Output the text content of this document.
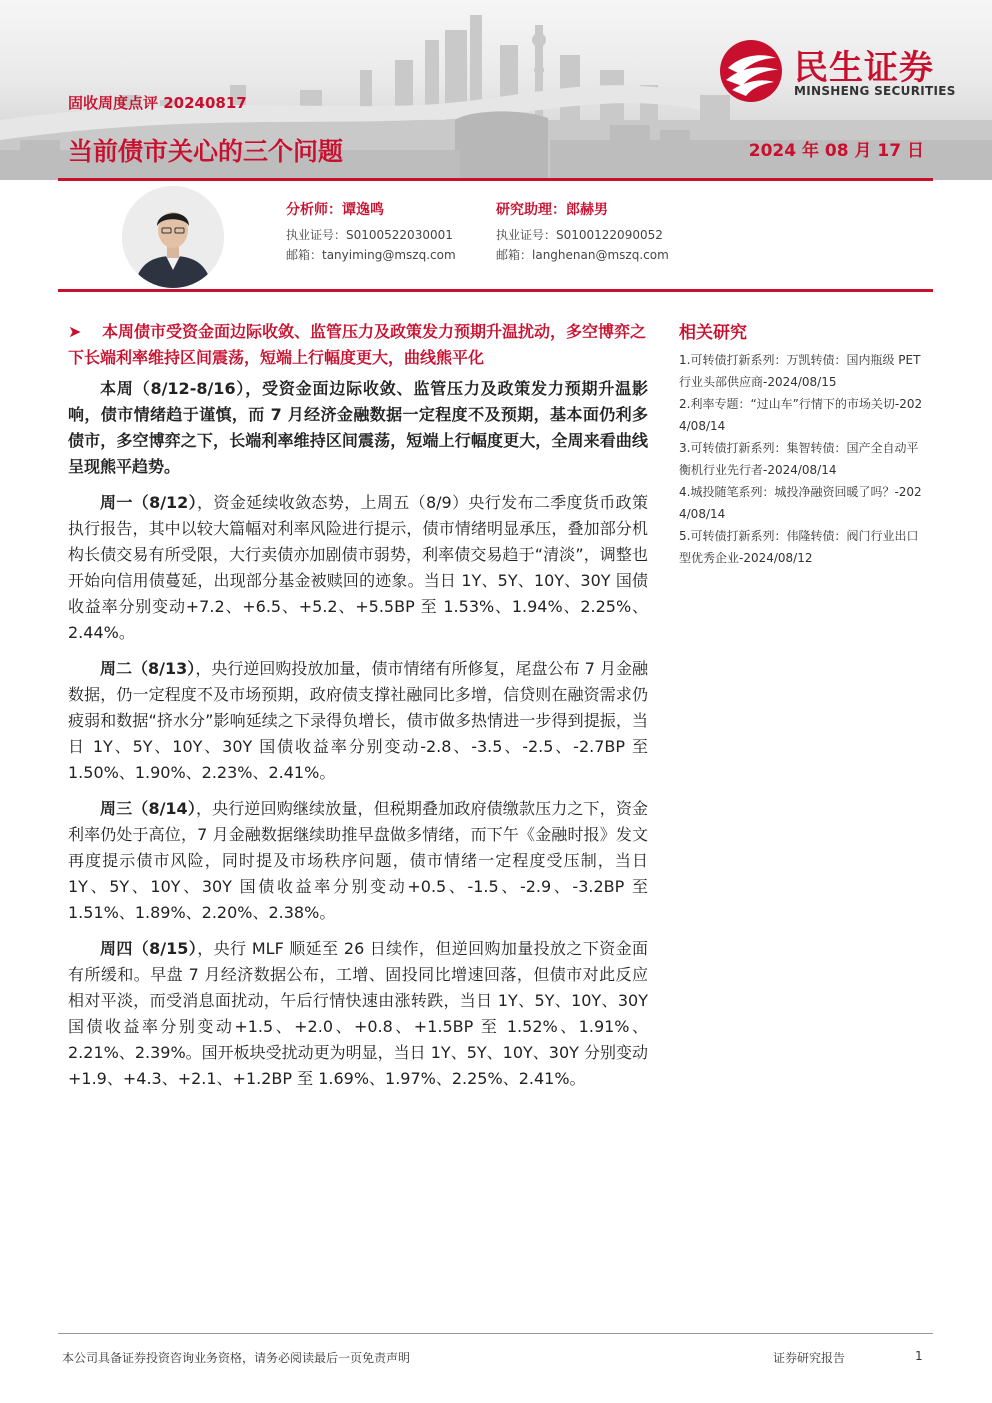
固收周度点评 20240817
当前债市关心的三个问题	2024 年 08 月 17 日
民生证券
MINSHENG SECURITIES
分析师：谭逸鸣
执业证号：S0100522030001
邮箱：tanyiming@mszq.com
研究助理：郎赫男
执业证号：S0100122090052
邮箱：langhenan@mszq.com

➤ 本周债市受资金面边际收敛、监管压力及政策发力预期升温扰动，多空博弈之下长端利率维持区间震荡，短端上行幅度更大，曲线熊平化

本周（8/12-8/16），受资金面边际收敛、监管压力及政策发力预期升温影响，债市情绪趋于谨慎，而 7 月经济金融数据一定程度不及预期，基本面仍利多债市，多空博弈之下，长端利率维持区间震荡，短端上行幅度更大，全周来看曲线呈现熊平趋势。

周一（8/12），资金延续收敛态势，上周五（8/9）央行发布二季度货币政策执行报告，其中以较大篇幅对利率风险进行提示，债市情绪明显承压，叠加部分机构长债交易有所受限，大行卖债亦加剧债市弱势，利率债交易趋于“清淡”，调整也开始向信用债蔓延，出现部分基金被赎回的迹象。当日 1Y、5Y、10Y、30Y 国债收益率分别变动+7.2、+6.5、+5.2、+5.5BP 至 1.53%、1.94%、2.25%、2.44%。

周二（8/13），央行逆回购投放加量，债市情绪有所修复，尾盘公布 7 月金融数据，仍一定程度不及市场预期，政府债支撑社融同比多增，信贷则在融资需求仍疲弱和数据“挤水分”影响延续之下录得负增长，债市做多热情进一步得到提振，当日 1Y、5Y、10Y、30Y 国债收益率分别变动-2.8、-3.5、-2.5、-2.7BP 至 1.50%、1.90%、2.23%、2.41%。

周三（8/14），央行逆回购继续放量，但税期叠加政府债缴款压力之下，资金利率仍处于高位，7 月金融数据继续助推早盘做多情绪，而下午《金融时报》发文再度提示债市风险，同时提及市场秩序问题，债市情绪一定程度受压制，当日 1Y、5Y、10Y、30Y 国债收益率分别变动+0.5、-1.5、-2.9、-3.2BP 至 1.51%、1.89%、2.20%、2.38%。

周四（8/15），央行 MLF 顺延至 26 日续作，但逆回购加量投放之下资金面有所缓和。早盘 7 月经济数据公布，工增、固投同比增速回落，但债市对此反应相对平淡，而受消息面扰动，午后行情快速由涨转跌，当日 1Y、5Y、10Y、30Y 国债收益率分别变动+1.5、+2.0、+0.8、+1.5BP 至 1.52%、1.91%、2.21%、2.39%。国开板块受扰动更为明显，当日 1Y、5Y、10Y、30Y 分别变动+1.9、+4.3、+2.1、+1.2BP 至 1.69%、1.97%、2.25%、2.41%。

相关研究
1.可转债打新系列：万凯转债：国内瓶级 PET 行业头部供应商-2024/08/15
2.利率专题：“过山车”行情下的市场关切-2024/08/14
3.可转债打新系列：集智转债：国产全自动平衡机行业先行者-2024/08/14
4.城投随笔系列：城投净融资回暖了吗？-2024/08/14
5.可转债打新系列：伟隆转债：阀门行业出口型优秀企业-2024/08/12
本公司具备证券投资咨询业务资格，请务必阅读最后一页免责声明	证券研究报告	1
